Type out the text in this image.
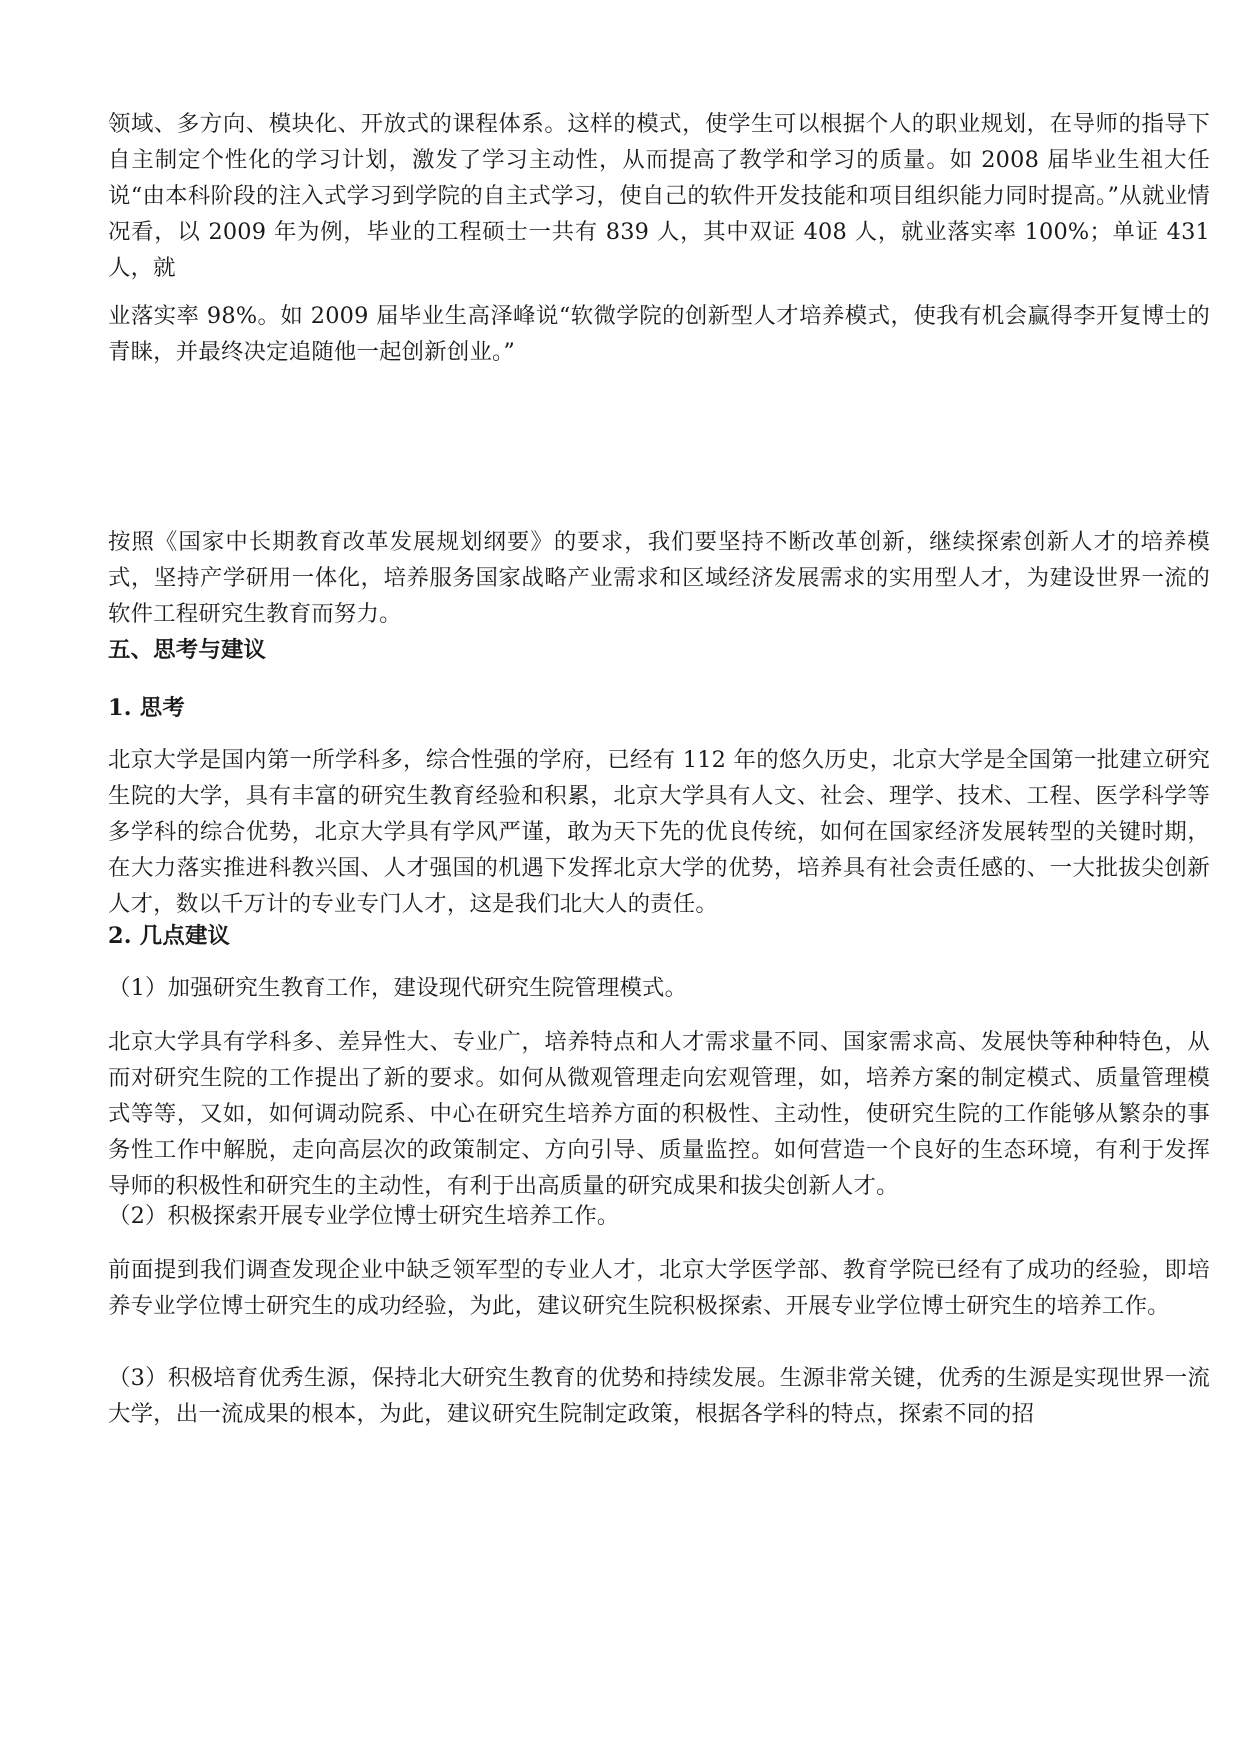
领域、多方向、模块化、开放式的课程体系。这样的模式，使学生可以根据个人的职业规划，在导师的指导下自主制定个性化的学习计划，激发了学习主动性，从而提高了教学和学习的质量。如 2008 届毕业生祖大任说“由本科阶段的注入式学习到学院的自主式学习，使自己的软件开发技能和项目组织能力同时提高。”从就业情况看，以 2009 年为例，毕业的工程硕士一共有 839 人，其中双证 408 人，就业落实率 100%；单证 431 人，就

业落实率 98%。如 2009 届毕业生高泽峰说“软微学院的创新型人才培养模式，使我有机会赢得李开复博士的青睐，并最终决定追随他一起创新创业。”

按照《国家中长期教育改革发展规划纲要》的要求，我们要坚持不断改革创新，继续探索创新人才的培养模式，坚持产学研用一体化，培养服务国家战略产业需求和区域经济发展需求的实用型人才，为建设世界一流的软件工程研究生教育而努力。

五、思考与建议

1. 思考

北京大学是国内第一所学科多，综合性强的学府，已经有 112 年的悠久历史，北京大学是全国第一批建立研究生院的大学，具有丰富的研究生教育经验和积累，北京大学具有人文、社会、理学、技术、工程、医学科学等多学科的综合优势，北京大学具有学风严谨，敢为天下先的优良传统，如何在国家经济发展转型的关键时期，在大力落实推进科教兴国、人才强国的机遇下发挥北京大学的优势，培养具有社会责任感的、一大批拔尖创新人才，数以千万计的专业专门人才，这是我们北大人的责任。

2. 几点建议

（1）加强研究生教育工作，建设现代研究生院管理模式。

北京大学具有学科多、差异性大、专业广，培养特点和人才需求量不同、国家需求高、发展快等种种特色，从而对研究生院的工作提出了新的要求。如何从微观管理走向宏观管理，如，培养方案的制定模式、质量管理模式等等，又如，如何调动院系、中心在研究生培养方面的积极性、主动性，使研究生院的工作能够从繁杂的事务性工作中解脱，走向高层次的政策制定、方向引导、质量监控。如何营造一个良好的生态环境，有利于发挥导师的积极性和研究生的主动性，有利于出高质量的研究成果和拔尖创新人才。

（2）积极探索开展专业学位博士研究生培养工作。

前面提到我们调查发现企业中缺乏领军型的专业人才，北京大学医学部、教育学院已经有了成功的经验，即培养专业学位博士研究生的成功经验，为此，建议研究生院积极探索、开展专业学位博士研究生的培养工作。

（3）积极培育优秀生源，保持北大研究生教育的优势和持续发展。生源非常关键，优秀的生源是实现世界一流大学，出一流成果的根本，为此，建议研究生院制定政策，根据各学科的特点，探索不同的招
